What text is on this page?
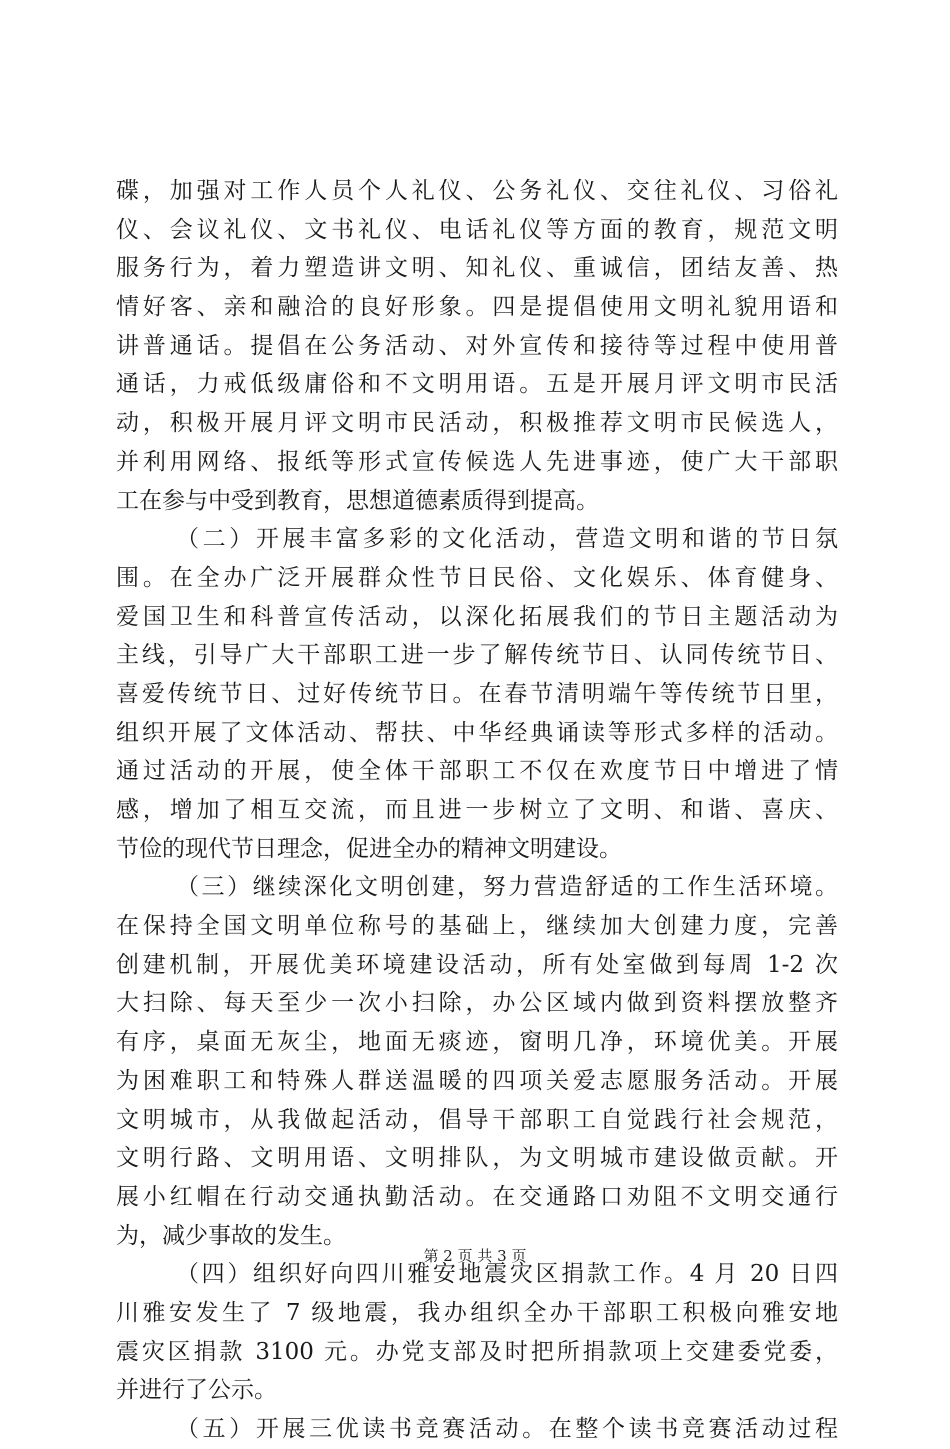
碟，加强对工作人员个人礼仪、公务礼仪、交往礼仪、习俗礼
仪、会议礼仪、文书礼仪、电话礼仪等方面的教育，规范文明
服务行为，着力塑造讲文明、知礼仪、重诚信，团结友善、热
情好客、亲和融洽的良好形象。四是提倡使用文明礼貌用语和
讲普通话。提倡在公务活动、对外宣传和接待等过程中使用普
通话，力戒低级庸俗和不文明用语。五是开展月评文明市民活
动，积极开展月评文明市民活动，积极推荐文明市民候选人，
并利用网络、报纸等形式宣传候选人先进事迹，使广大干部职
工在参与中受到教育，思想道德素质得到提高。
（二）开展丰富多彩的文化活动，营造文明和谐的节日氛
围。在全办广泛开展群众性节日民俗、文化娱乐、体育健身、
爱国卫生和科普宣传活动，以深化拓展我们的节日主题活动为
主线，引导广大干部职工进一步了解传统节日、认同传统节日、
喜爱传统节日、过好传统节日。在春节清明端午等传统节日里，
组织开展了文体活动、帮扶、中华经典诵读等形式多样的活动。
通过活动的开展，使全体干部职工不仅在欢度节日中增进了情
感，增加了相互交流，而且进一步树立了文明、和谐、喜庆、
节俭的现代节日理念，促进全办的精神文明建设。
（三）继续深化文明创建，努力营造舒适的工作生活环境。
在保持全国文明单位称号的基础上，继续加大创建力度，完善
创建机制，开展优美环境建设活动，所有处室做到每周 1-2 次
大扫除、每天至少一次小扫除，办公区域内做到资料摆放整齐
有序，桌面无灰尘，地面无痰迹，窗明几净，环境优美。开展
为困难职工和特殊人群送温暖的四项关爱志愿服务活动。开展
文明城市，从我做起活动，倡导干部职工自觉践行社会规范，
文明行路、文明用语、文明排队，为文明城市建设做贡献。开
展小红帽在行动交通执勤活动。在交通路口劝阻不文明交通行
为，减少事故的发生。
（四）组织好向四川雅安地震灾区捐款工作。4 月 20 日四
川雅安发生了 7 级地震，我办组织全办干部职工积极向雅安地
震灾区捐款 3100 元。办党支部及时把所捐款项上交建委党委，
并进行了公示。
（五）开展三优读书竞赛活动。在整个读书竞赛活动过程
第 2 页 共 3 页
